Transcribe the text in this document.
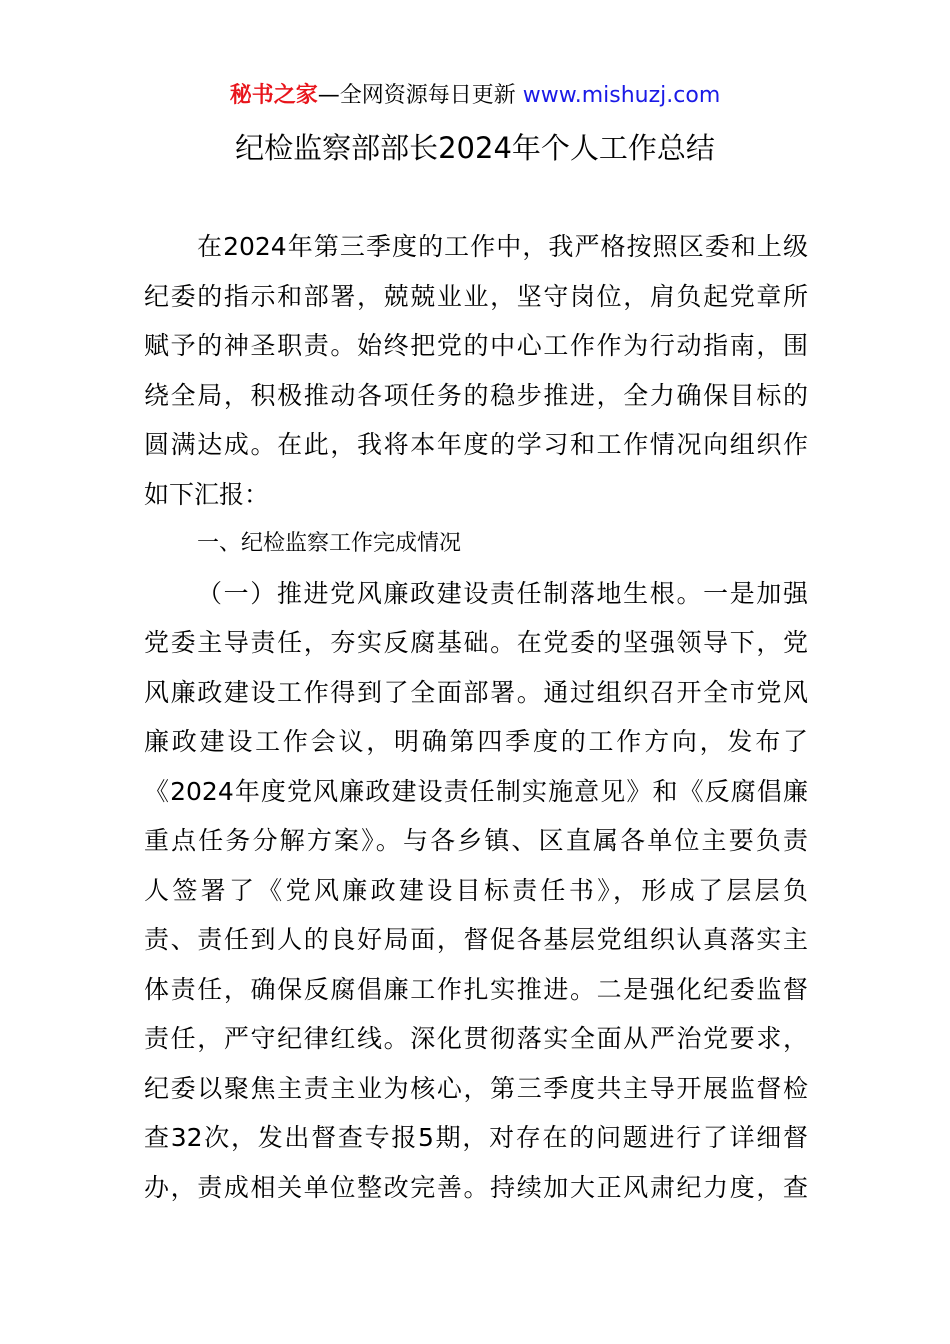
秘书之家—全网资源每日更新 www.mishuzj.com
纪检监察部部长2024年个人工作总结
在2024年第三季度的工作中，我严格按照区委和上级
纪委的指示和部署，兢兢业业，坚守岗位，肩负起党章所
赋予的神圣职责。始终把党的中心工作作为行动指南，围
绕全局，积极推动各项任务的稳步推进，全力确保目标的
圆满达成。在此，我将本年度的学习和工作情况向组织作
如下汇报：
一、纪检监察工作完成情况
（一）推进党风廉政建设责任制落地生根。一是加强
党委主导责任，夯实反腐基础。在党委的坚强领导下，党
风廉政建设工作得到了全面部署。通过组织召开全市党风
廉政建设工作会议，明确第四季度的工作方向，发布了
《2024年度党风廉政建设责任制实施意见》和《反腐倡廉
重点任务分解方案》。与各乡镇、区直属各单位主要负责
人签署了《党风廉政建设目标责任书》，形成了层层负
责、责任到人的良好局面，督促各基层党组织认真落实主
体责任，确保反腐倡廉工作扎实推进。二是强化纪委监督
责任，严守纪律红线。深化贯彻落实全面从严治党要求，
纪委以聚焦主责主业为核心，第三季度共主导开展监督检
查32次，发出督查专报5期，对存在的问题进行了详细督
办，责成相关单位整改完善。持续加大正风肃纪力度，查
